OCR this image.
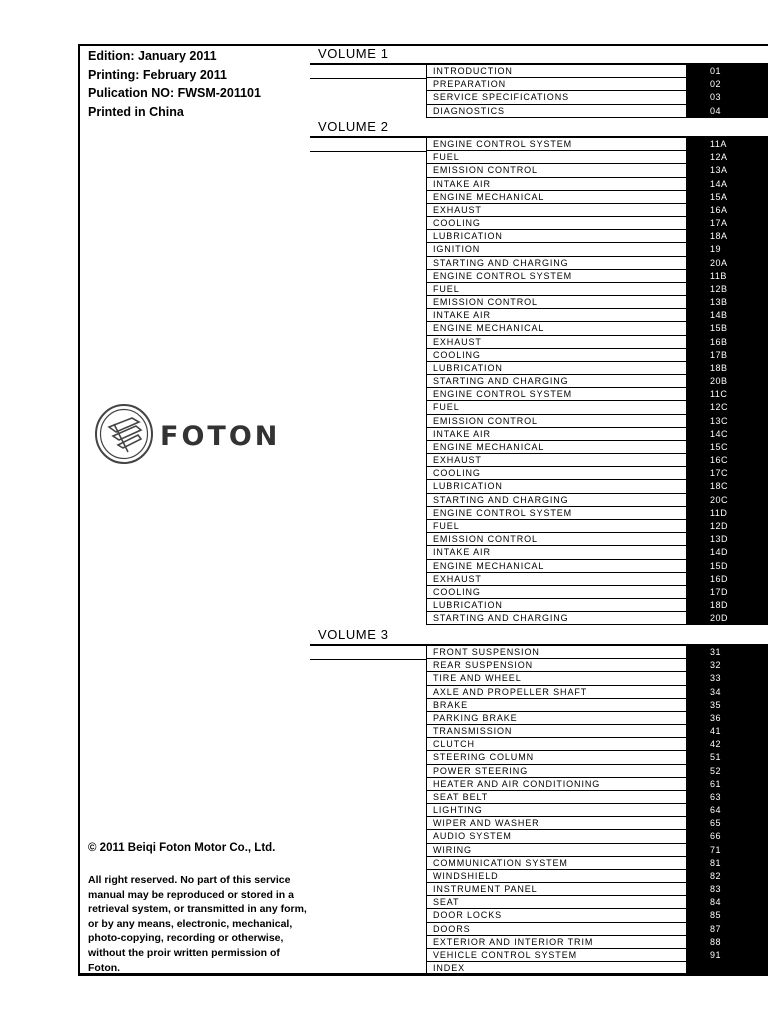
Edition: January 2011
Printing: February 2011
Pulication NO: FWSM-201101
Printed in China
FOTON
© 2011 Beiqi Foton Motor Co., Ltd.
All right reserved. No part of this service manual may be reproduced or stored in a retrieval system, or transmitted in any form, or by any means, electronic, mechanical, photo-copying, recording or otherwise, without the proir written permission of Foton.
VOLUME 1
INTRODUCTION	01
PREPARATION	02
SERVICE SPECIFICATIONS	03
DIAGNOSTICS	04
VOLUME 2
ENGINE CONTROL SYSTEM	11A
FUEL	12A
EMISSION CONTROL	13A
INTAKE AIR	14A
ENGINE MECHANICAL	15A
EXHAUST	16A
COOLING	17A
LUBRICATION	18A
IGNITION	19
STARTING AND CHARGING	20A
ENGINE CONTROL SYSTEM	11B
FUEL	12B
EMISSION CONTROL	13B
INTAKE AIR	14B
ENGINE MECHANICAL	15B
EXHAUST	16B
COOLING	17B
LUBRICATION	18B
STARTING AND CHARGING	20B
ENGINE CONTROL SYSTEM	11C
FUEL	12C
EMISSION CONTROL	13C
INTAKE AIR	14C
ENGINE MECHANICAL	15C
EXHAUST	16C
COOLING	17C
LUBRICATION	18C
STARTING AND CHARGING	20C
ENGINE CONTROL SYSTEM	11D
FUEL	12D
EMISSION CONTROL	13D
INTAKE AIR	14D
ENGINE MECHANICAL	15D
EXHAUST	16D
COOLING	17D
LUBRICATION	18D
STARTING AND CHARGING	20D
VOLUME 3
FRONT SUSPENSION	31
REAR SUSPENSION	32
TIRE AND WHEEL	33
AXLE AND PROPELLER SHAFT	34
BRAKE	35
PARKING BRAKE	36
TRANSMISSION	41
CLUTCH	42
STEERING COLUMN	51
POWER STEERING	52
HEATER AND AIR CONDITIONING	61
SEAT BELT	63
LIGHTING	64
WIPER AND WASHER	65
AUDIO SYSTEM	66
WIRING	71
COMMUNICATION SYSTEM	81
WINDSHIELD	82
INSTRUMENT PANEL	83
SEAT	84
DOOR LOCKS	85
DOORS	87
EXTERIOR AND INTERIOR TRIM	88
VEHICLE CONTROL SYSTEM	91
INDEX
